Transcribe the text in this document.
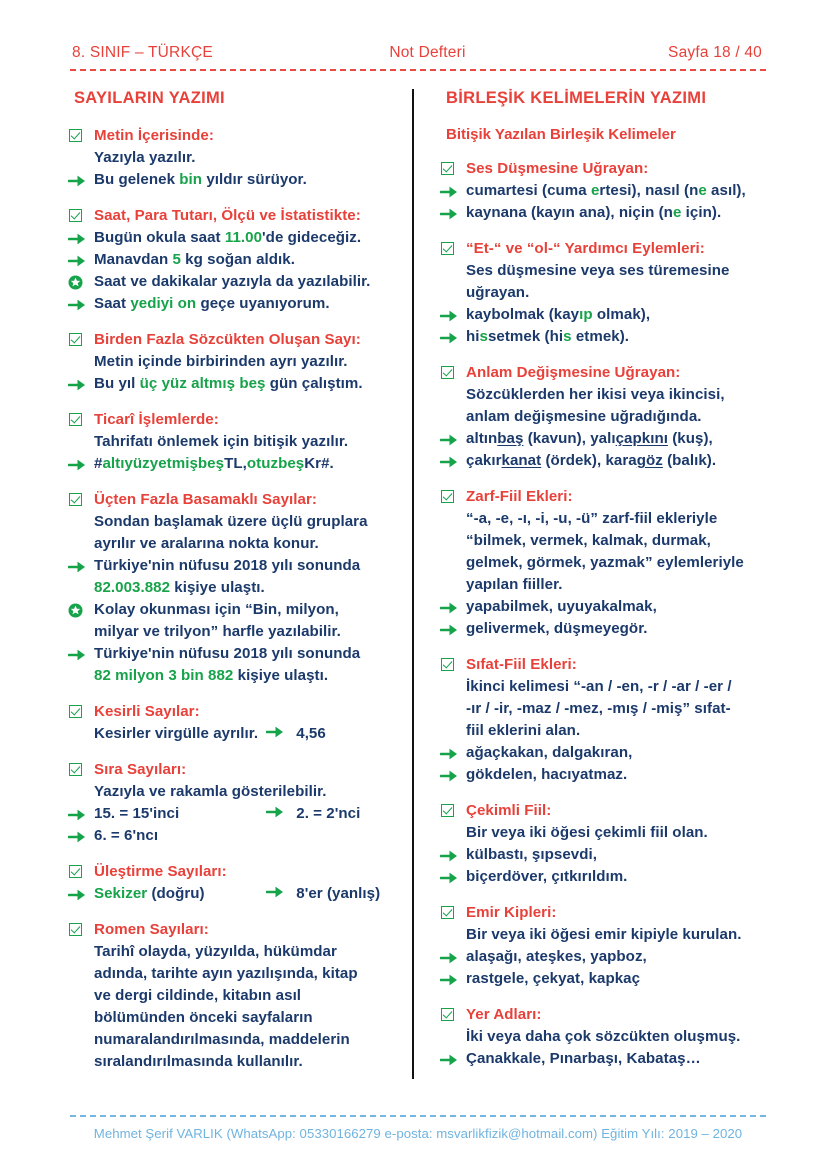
8. SINIF – TÜRKÇE	Not Defteri	Sayfa 18 / 40
SAYILARIN YAZIMI
Metin İçerisinde:
Yazıyla yazılır.
Bu gelenek bin yıldır sürüyor.
Saat, Para Tutarı, Ölçü ve İstatistikte:
Bugün okula saat 11.00'de gideceğiz.
Manavdan 5 kg soğan aldık.
Saat ve dakikalar yazıyla da yazılabilir.
Saat yediyi on geçe uyanıyorum.
Birden Fazla Sözcükten Oluşan Sayı:
Metin içinde birbirinden ayrı yazılır.
Bu yıl üç yüz altmış beş gün çalıştım.
Ticarî İşlemlerde:
Tahrifatı önlemek için bitişik yazılır.
#altıyüzyetmişbeşTL,otuzbeşKr#.
Üçten Fazla Basamaklı Sayılar:
Sondan başlamak üzere üçlü gruplara
ayrılır ve aralarına nokta konur.
Türkiye'nin nüfusu 2018 yılı sonunda
82.003.882 kişiye ulaştı.
Kolay okunması için “Bin, milyon,
milyar ve trilyon” harfle yazılabilir.
Türkiye'nin nüfusu 2018 yılı sonunda
82 milyon 3 bin 882 kişiye ulaştı.
Kesirli Sayılar:
Kesirler virgülle ayrılır.	4,56
Sıra Sayıları:
Yazıyla ve rakamla gösterilebilir.
15. = 15'inci	2. = 2'nci
6. = 6'ncı
Üleştirme Sayıları:
Sekizer (doğru)	8'er (yanlış)
Romen Sayıları:
Tarihî olayda, yüzyılda, hükümdar
adında, tarihte ayın yazılışında, kitap
ve dergi cildinde, kitabın asıl
bölümünden önceki sayfaların
numaralandırılmasında, maddelerin
sıralandırılmasında kullanılır.
BİRLEŞİK KELİMELERİN YAZIMI
Bitişik Yazılan Birleşik Kelimeler
Ses Düşmesine Uğrayan:
cumartesi (cuma ertesi), nasıl (ne asıl),
kaynana (kayın ana), niçin (ne için).
“Et-“ ve “ol-“ Yardımcı Eylemleri:
Ses düşmesine veya ses türemesine
uğrayan.
kaybolmak (kayıp olmak),
hissetmek (his etmek).
Anlam Değişmesine Uğrayan:
Sözcüklerden her ikisi veya ikincisi,
anlam değişmesine uğradığında.
altınbaş (kavun), yalıçapkını (kuş),
çakırkanat (ördek), karagöz (balık).
Zarf-Fiil Ekleri:
“-a, -e, -ı, -i, -u, -ü” zarf-fiil ekleriyle
“bilmek, vermek, kalmak, durmak,
gelmek, görmek, yazmak” eylemleriyle
yapılan fiiller.
yapabilmek, uyuyakalmak,
gelivermek, düşmeyegör.
Sıfat-Fiil Ekleri:
İkinci kelimesi “-an / -en, -r / -ar / -er /
-ır / -ir, -maz / -mez, -mış / -miş” sıfat-
fiil eklerini alan.
ağaçkakan, dalgakıran,
gökdelen, hacıyatmaz.
Çekimli Fiil:
Bir veya iki öğesi çekimli fiil olan.
külbastı, şıpsevdi,
biçerdöver, çıtkırıldım.
Emir Kipleri:
Bir veya iki öğesi emir kipiyle kurulan.
alaşağı, ateşkes, yapboz,
rastgele, çekyat, kapkaç
Yer Adları:
İki veya daha çok sözcükten oluşmuş.
Çanakkale, Pınarbaşı, Kabataş…
Mehmet Şerif VARLIK (WhatsApp: 05330166279 e-posta: msvarlikfizik@hotmail.com) Eğitim Yılı: 2019 – 2020
